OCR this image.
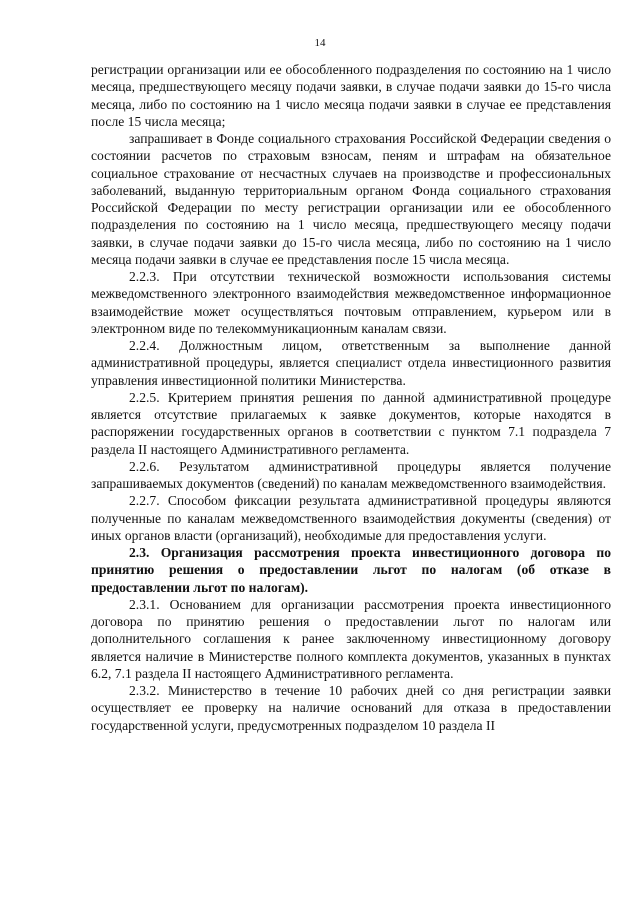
14

регистрации организации или ее обособленного подразделения по состоянию на 1 число месяца, предшествующего месяцу подачи заявки, в случае подачи заявки до 15-го числа месяца, либо по состоянию на 1 число месяца подачи заявки в случае ее представления после 15 числа месяца;

запрашивает в Фонде социального страхования Российской Федерации сведения о состоянии расчетов по страховым взносам, пеням и штрафам на обязательное социальное страхование от несчастных случаев на производстве и профессиональных заболеваний, выданную территориальным органом Фонда социального страхования Российской Федерации по месту регистрации организации или ее обособленного подразделения по состоянию на 1 число месяца, предшествующего месяцу подачи заявки, в случае подачи заявки до 15-го числа месяца, либо по состоянию на 1 число месяца подачи заявки в случае ее представления после 15 числа месяца.

2.2.3. При отсутствии технической возможности использования системы межведомственного электронного взаимодействия межведомственное информационное взаимодействие может осуществляться почтовым отправлением, курьером или в электронном виде по телекоммуникационным каналам связи.

2.2.4. Должностным лицом, ответственным за выполнение данной административной процедуры, является специалист отдела инвестиционного развития управления инвестиционной политики Министерства.

2.2.5. Критерием принятия решения по данной административной процедуре является отсутствие прилагаемых к заявке документов, которые находятся в распоряжении государственных органов в соответствии с пунктом 7.1 подраздела 7 раздела II настоящего Административного регламента.

2.2.6. Результатом административной процедуры является получение запрашиваемых документов (сведений) по каналам межведомственного взаимодействия.

2.2.7. Способом фиксации результата административной процедуры являются полученные по каналам межведомственного взаимодействия документы (сведения) от иных органов власти (организаций), необходимые для предоставления услуги.

2.3. Организация рассмотрения проекта инвестиционного договора по принятию решения о предоставлении льгот по налогам (об отказе в предоставлении льгот по налогам).

2.3.1. Основанием для организации рассмотрения проекта инвестиционного договора по принятию решения о предоставлении льгот по налогам или дополнительного соглашения к ранее заключенному инвестиционному договору является наличие в Министерстве полного комплекта документов, указанных в пунктах 6.2, 7.1 раздела II настоящего Административного регламента.

2.3.2. Министерство в течение 10 рабочих дней со дня регистрации заявки осуществляет ее проверку на наличие оснований для отказа в предоставлении государственной услуги, предусмотренных подразделом 10 раздела II
